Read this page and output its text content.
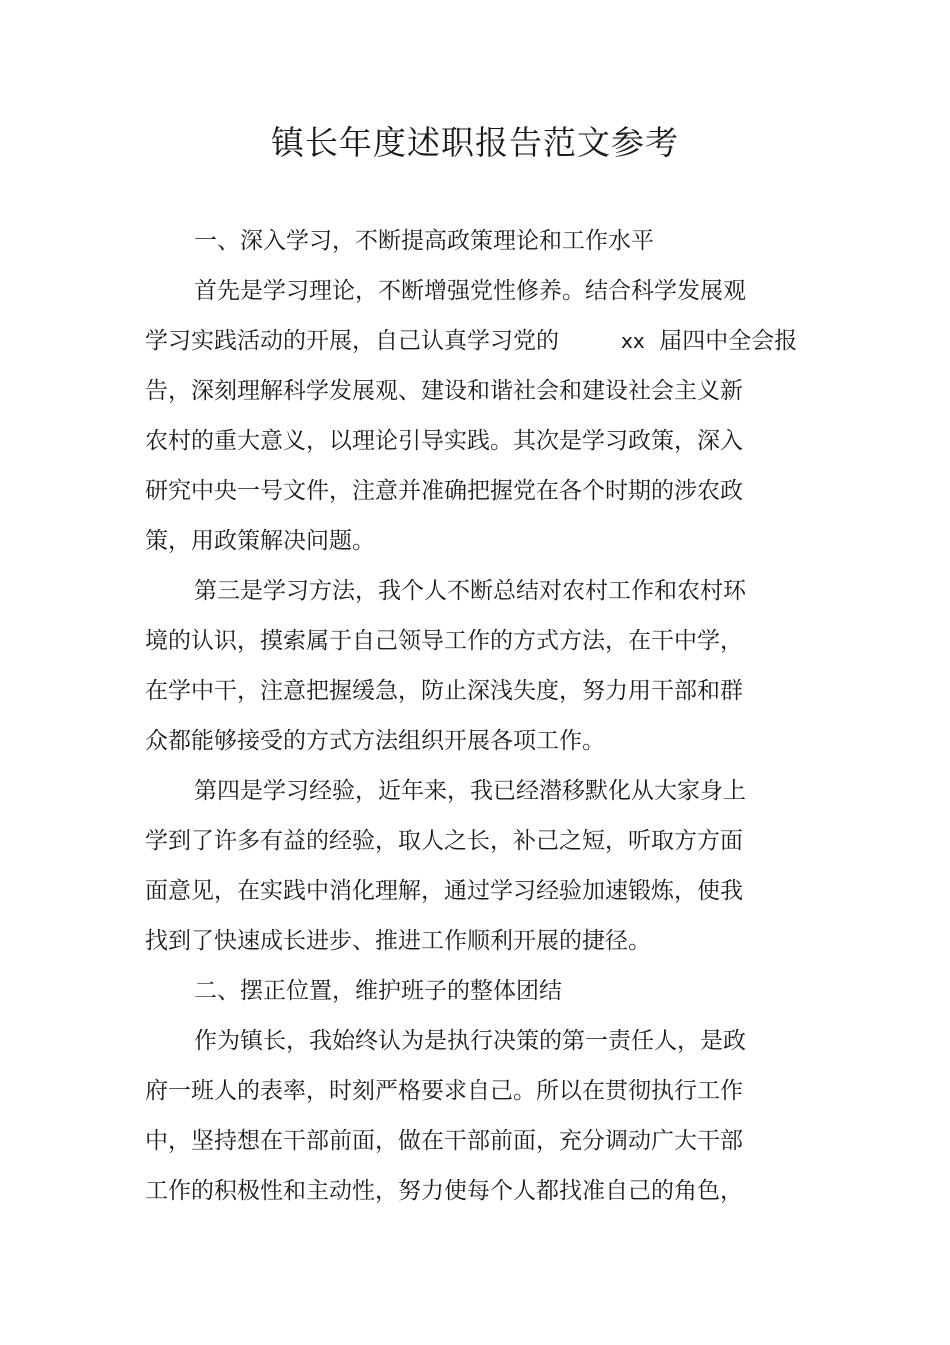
镇长年度述职报告范文参考

一、深入学习，不断提高政策理论和工作水平

首先是学习理论，不断增强党性修养。结合科学发展观

学习实践活动的开展，自己认真学习党的	xx 届四中全会报

告，深刻理解科学发展观、建设和谐社会和建设社会主义新

农村的重大意义，以理论引导实践。其次是学习政策，深入

研究中央一号文件，注意并准确把握党在各个时期的涉农政

策，用政策解决问题。

第三是学习方法，我个人不断总结对农村工作和农村环

境的认识，摸索属于自己领导工作的方式方法，在干中学，

在学中干，注意把握缓急，防止深浅失度，努力用干部和群

众都能够接受的方式方法组织开展各项工作。

第四是学习经验，近年来，我已经潜移默化从大家身上

学到了许多有益的经验，取人之长，补己之短，听取方方面

面意见，在实践中消化理解，通过学习经验加速锻炼，使我

找到了快速成长进步、推进工作顺利开展的捷径。

二、摆正位置，维护班子的整体团结

作为镇长，我始终认为是执行决策的第一责任人，是政

府一班人的表率，时刻严格要求自己。所以在贯彻执行工作

中，坚持想在干部前面，做在干部前面，充分调动广大干部

工作的积极性和主动性，努力使每个人都找准自己的角色，
